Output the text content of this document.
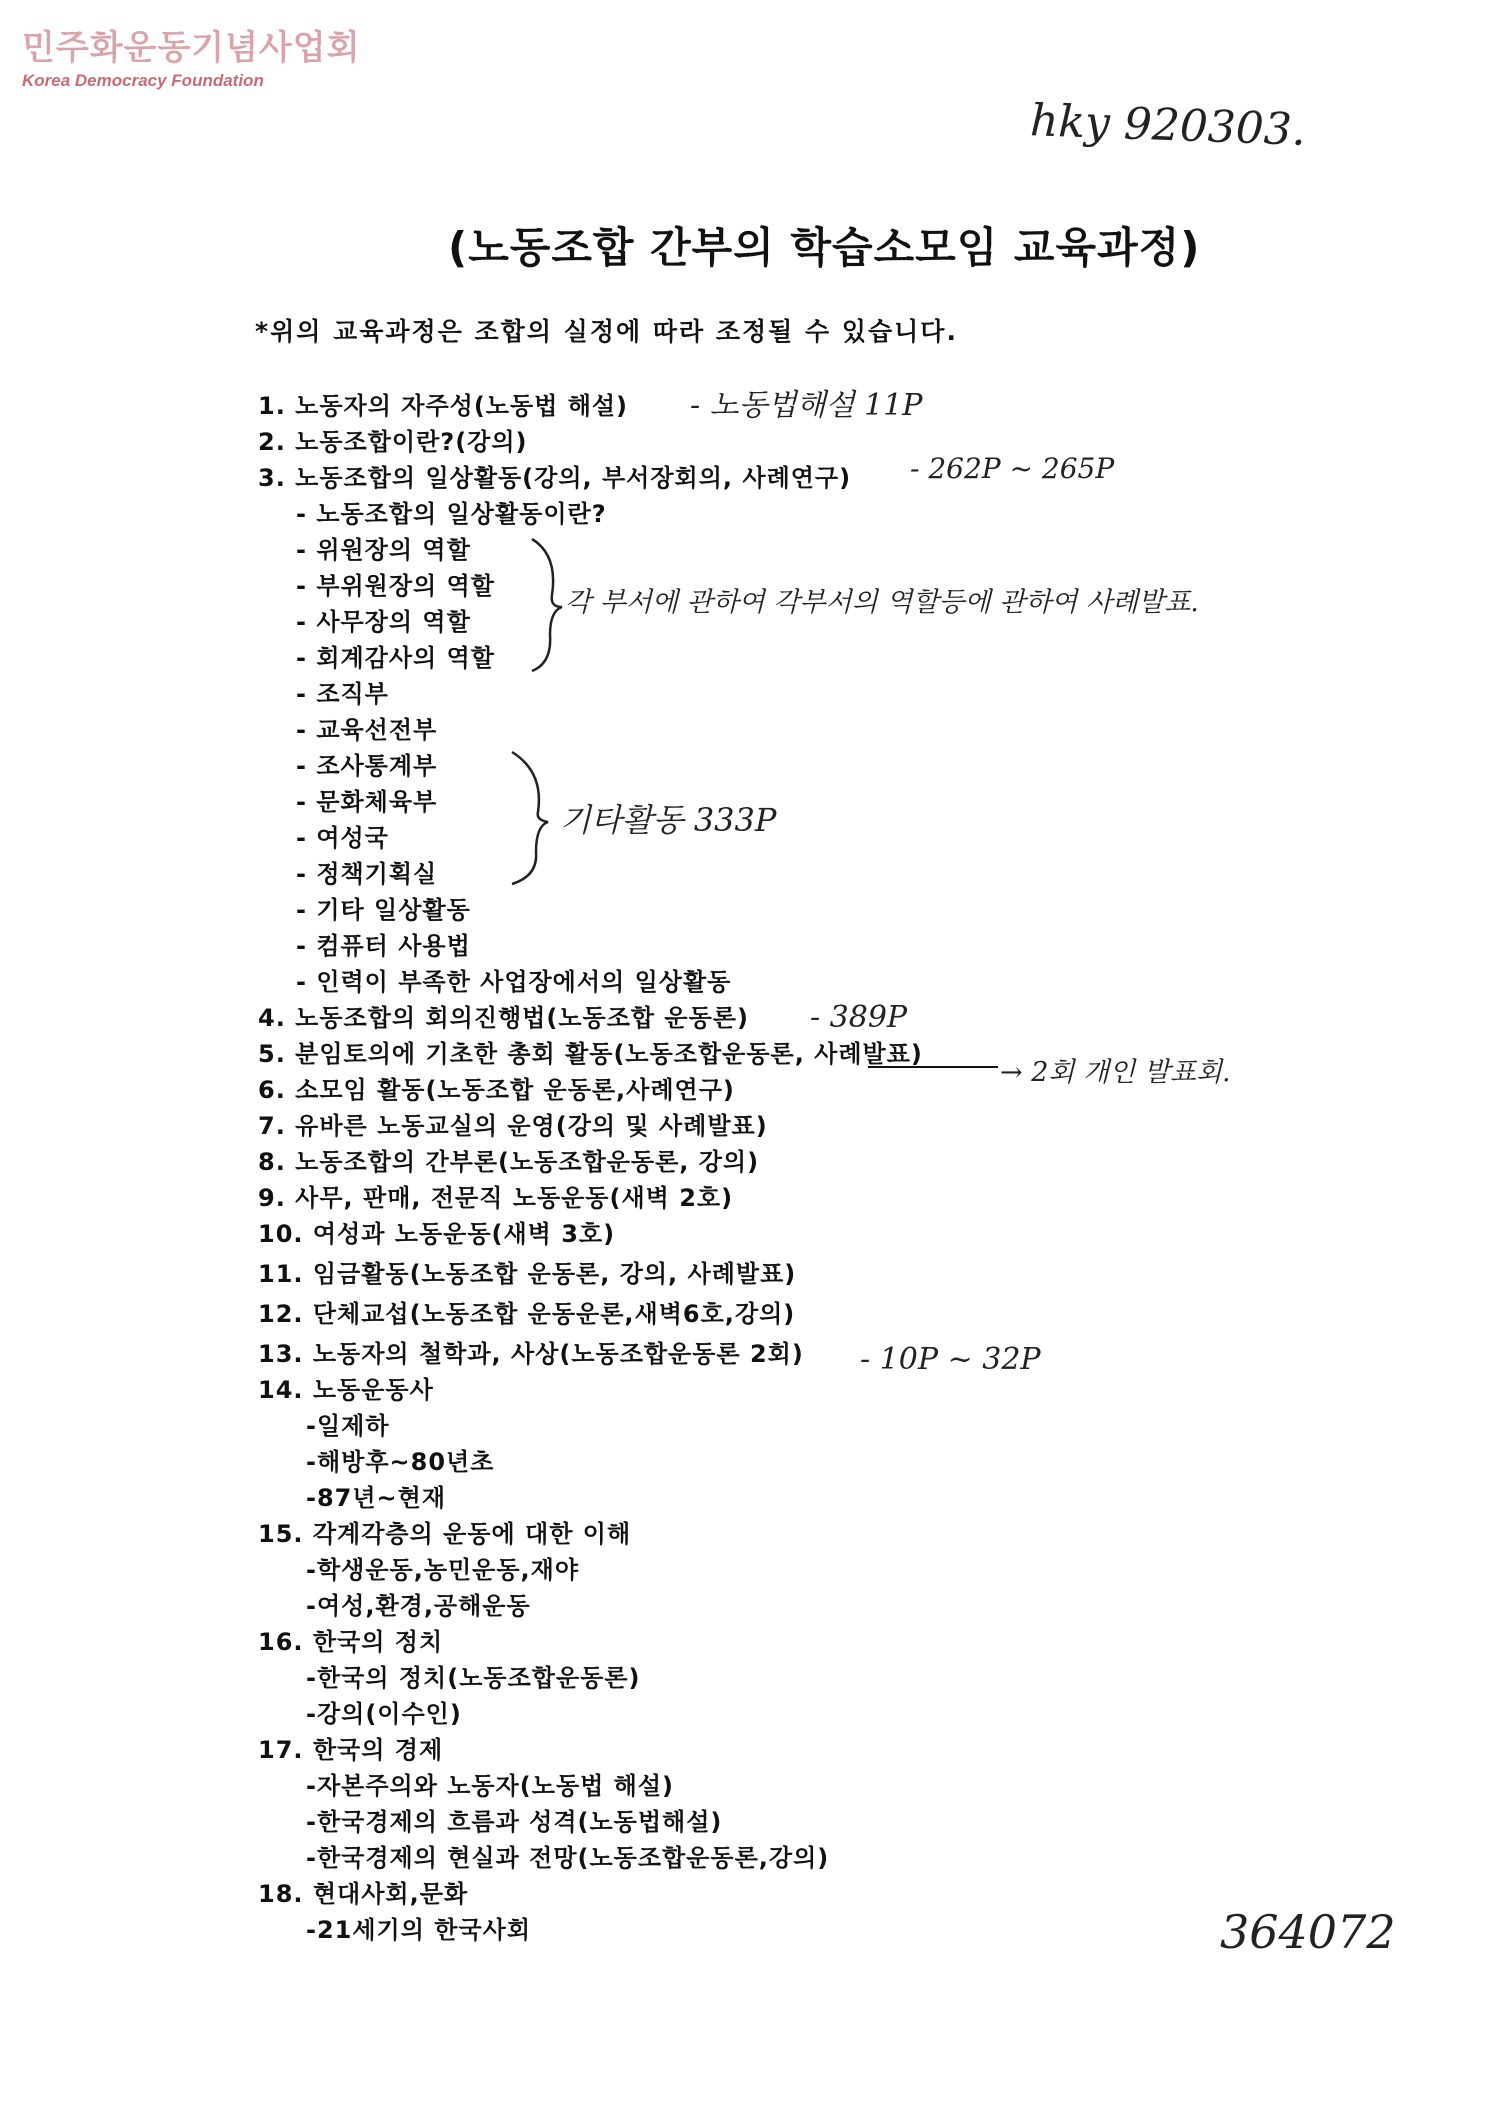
민주화운동기념사업회
Korea Democracy Foundation
hky 920303.
(노동조합 간부의 학습소모임 교육과정)
*위의 교육과정은 조합의 실정에 따라 조정될 수 있습니다.
1. 노동자의 자주성(노동법 해설)
2. 노동조합이란?(강의)
3. 노동조합의 일상활동(강의, 부서장회의, 사례연구)
- 노동조합의 일상활동이란?
- 위원장의 역할
- 부위원장의 역할
- 사무장의 역할
- 회계감사의 역할
- 조직부
- 교육선전부
- 조사통계부
- 문화체육부
- 여성국
- 정책기획실
- 기타 일상활동
- 컴퓨터 사용법
- 인력이 부족한 사업장에서의 일상활동
4. 노동조합의 회의진행법(노동조합 운동론)
5. 분임토의에 기초한 총회 활동(노동조합운동론, 사례발표)
6. 소모임 활동(노동조합 운동론,사례연구)
7. 유바른 노동교실의 운영(강의 및 사례발표)
8. 노동조합의 간부론(노동조합운동론, 강의)
9. 사무, 판매, 전문직 노동운동(새벽 2호)
10. 여성과 노동운동(새벽 3호)
11. 임금활동(노동조합 운동론, 강의, 사례발표)
12. 단체교섭(노동조합 운동운론,새벽6호,강의)
13. 노동자의 철학과, 사상(노동조합운동론 2회)
14. 노동운동사
-일제하
-해방후~80년초
-87년~현재
15. 각계각층의 운동에 대한 이해
-학생운동,농민운동,재야
-여성,환경,공해운동
16. 한국의 정치
-한국의 정치(노동조합운동론)
-강의(이수인)
17. 한국의 경제
-자본주의와 노동자(노동법 해설)
-한국경제의 흐름과 성격(노동법해설)
-한국경제의 현실과 전망(노동조합운동론,강의)
18. 현대사회,문화
-21세기의 한국사회
- 노동법해설 11P
- 262P ~ 265P
각 부서에 관하여 각부서의 역할등에 관하여 사례발표.
기타활동 333P
- 389P
→ 2회 개인 발표회.
- 10P ~ 32P
364072
